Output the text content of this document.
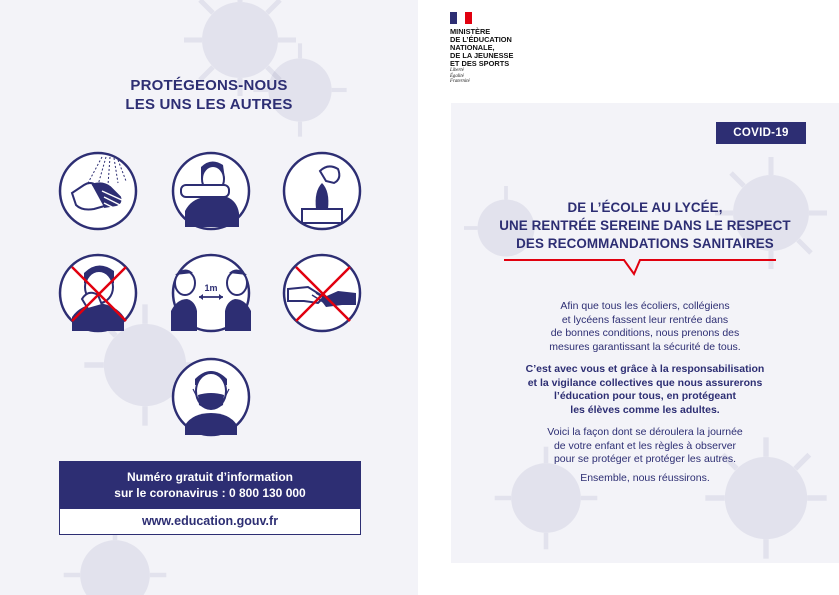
PROTÉGEONS-NOUS
LES UNS LES AUTRES
1m
Numéro gratuit d’information
sur le coronavirus : 0 800 130 000
www.education.gouv.fr
MINISTÈRE
DE L’ÉDUCATION
NATIONALE,
DE LA JEUNESSE
ET DES SPORTS
Liberté
Égalité
Fraternité
COVID-19
DE L’ÉCOLE AU LYCÉE,
UNE RENTRÉE SEREINE DANS LE RESPECT
DES RECOMMANDATIONS SANITAIRES
Afin que tous les écoliers, collégiens
et lycéens fassent leur rentrée dans
de bonnes conditions, nous prenons des
mesures garantissant la sécurité de tous.
C’est avec vous et grâce à la responsabilisation
et la vigilance collectives que nous assurerons
l’éducation pour tous, en protégeant
les élèves comme les adultes.
Voici la façon dont se déroulera la journée
de votre enfant et les règles à observer
pour se protéger et protéger les autres.
Ensemble, nous réussirons.
